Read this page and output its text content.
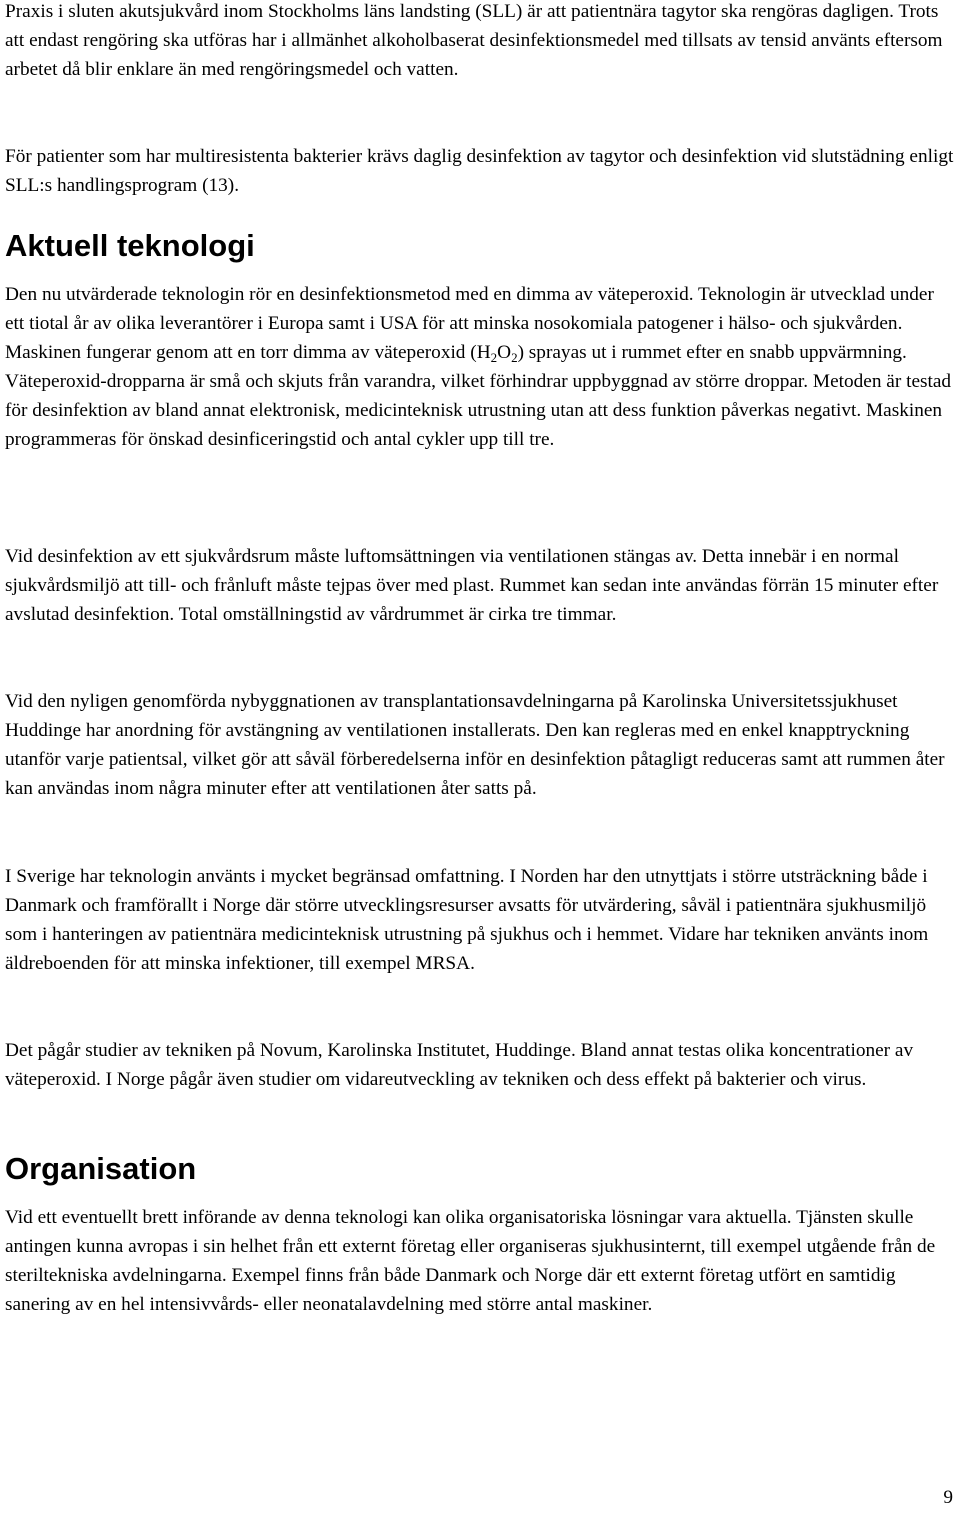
Praxis i sluten akutsjukvård inom Stockholms läns landsting (SLL) är att patientnära tagytor ska rengöras dagligen. Trots att endast rengöring ska utföras har i allmänhet alkoholbaserat desinfektionsmedel med tillsats av tensid använts eftersom arbetet då blir enklare än med rengöringsmedel och vatten.

För patienter som har multiresistenta bakterier krävs daglig desinfektion av tagytor och desinfektion vid slutstädning enligt SLL:s handlingsprogram (13).

Aktuell teknologi

Den nu utvärderade teknologin rör en desinfektionsmetod med en dimma av väteperoxid. Teknologin är utvecklad under ett tiotal år av olika leverantörer i Europa samt i USA för att minska nosokomiala patogener i hälso- och sjukvården. Maskinen fungerar genom att en torr dimma av väteperoxid $(H_2O_2)$ sprayas ut i rummet efter en snabb uppvärmning. Väteperoxid-dropparna är små och skjuts från varandra, vilket förhindrar uppbyggnad av större droppar. Metoden är testad för desinfektion av bland annat elektronisk, medicinteknisk utrustning utan att dess funktion påverkas negativt. Maskinen programmeras för önskad desinficeringstid och antal cykler upp till tre.

Vid desinfektion av ett sjukvårdsrum måste luftomsättningen via ventilationen stängas av. Detta innebär i en normal sjukvårdsmiljö att till- och frånluft måste tejpas över med plast. Rummet kan sedan inte användas förrän 15 minuter efter avslutad desinfektion. Total omställningstid av vårdrummet är cirka tre timmar.

Vid den nyligen genomförda nybyggnationen av transplantationsavdelningarna på Karolinska Universitetssjukhuset Huddinge har anordning för avstängning av ventilationen installerats. Den kan regleras med en enkel knapptryckning utanför varje patientsal, vilket gör att såväl förberedelserna inför en desinfektion påtagligt reduceras samt att rummen åter kan användas inom några minuter efter att ventilationen åter satts på.

I Sverige har teknologin använts i mycket begränsad omfattning. I Norden har den utnyttjats i större utsträckning både i Danmark och framförallt i Norge där större utvecklingsresurser avsatts för utvärdering, såväl i patientnära sjukhusmiljö som i hanteringen av patientnära medicinteknisk utrustning på sjukhus och i hemmet. Vidare har tekniken använts inom äldreboenden för att minska infektioner, till exempel MRSA.

Det pågår studier av tekniken på Novum, Karolinska Institutet, Huddinge. Bland annat testas olika koncentrationer av väteperoxid. I Norge pågår även studier om vidareutveckling av tekniken och dess effekt på bakterier och virus.

Organisation

Vid ett eventuellt brett införande av denna teknologi kan olika organisatoriska lösningar vara aktuella. Tjänsten skulle antingen kunna avropas i sin helhet från ett externt företag eller organiseras sjukhusinternt, till exempel utgående från de steriltekniska avdelningarna. Exempel finns från både Danmark och Norge där ett externt företag utfört en samtidig sanering av en hel intensivvårds- eller neonatalavdelning med större antal maskiner.

9
